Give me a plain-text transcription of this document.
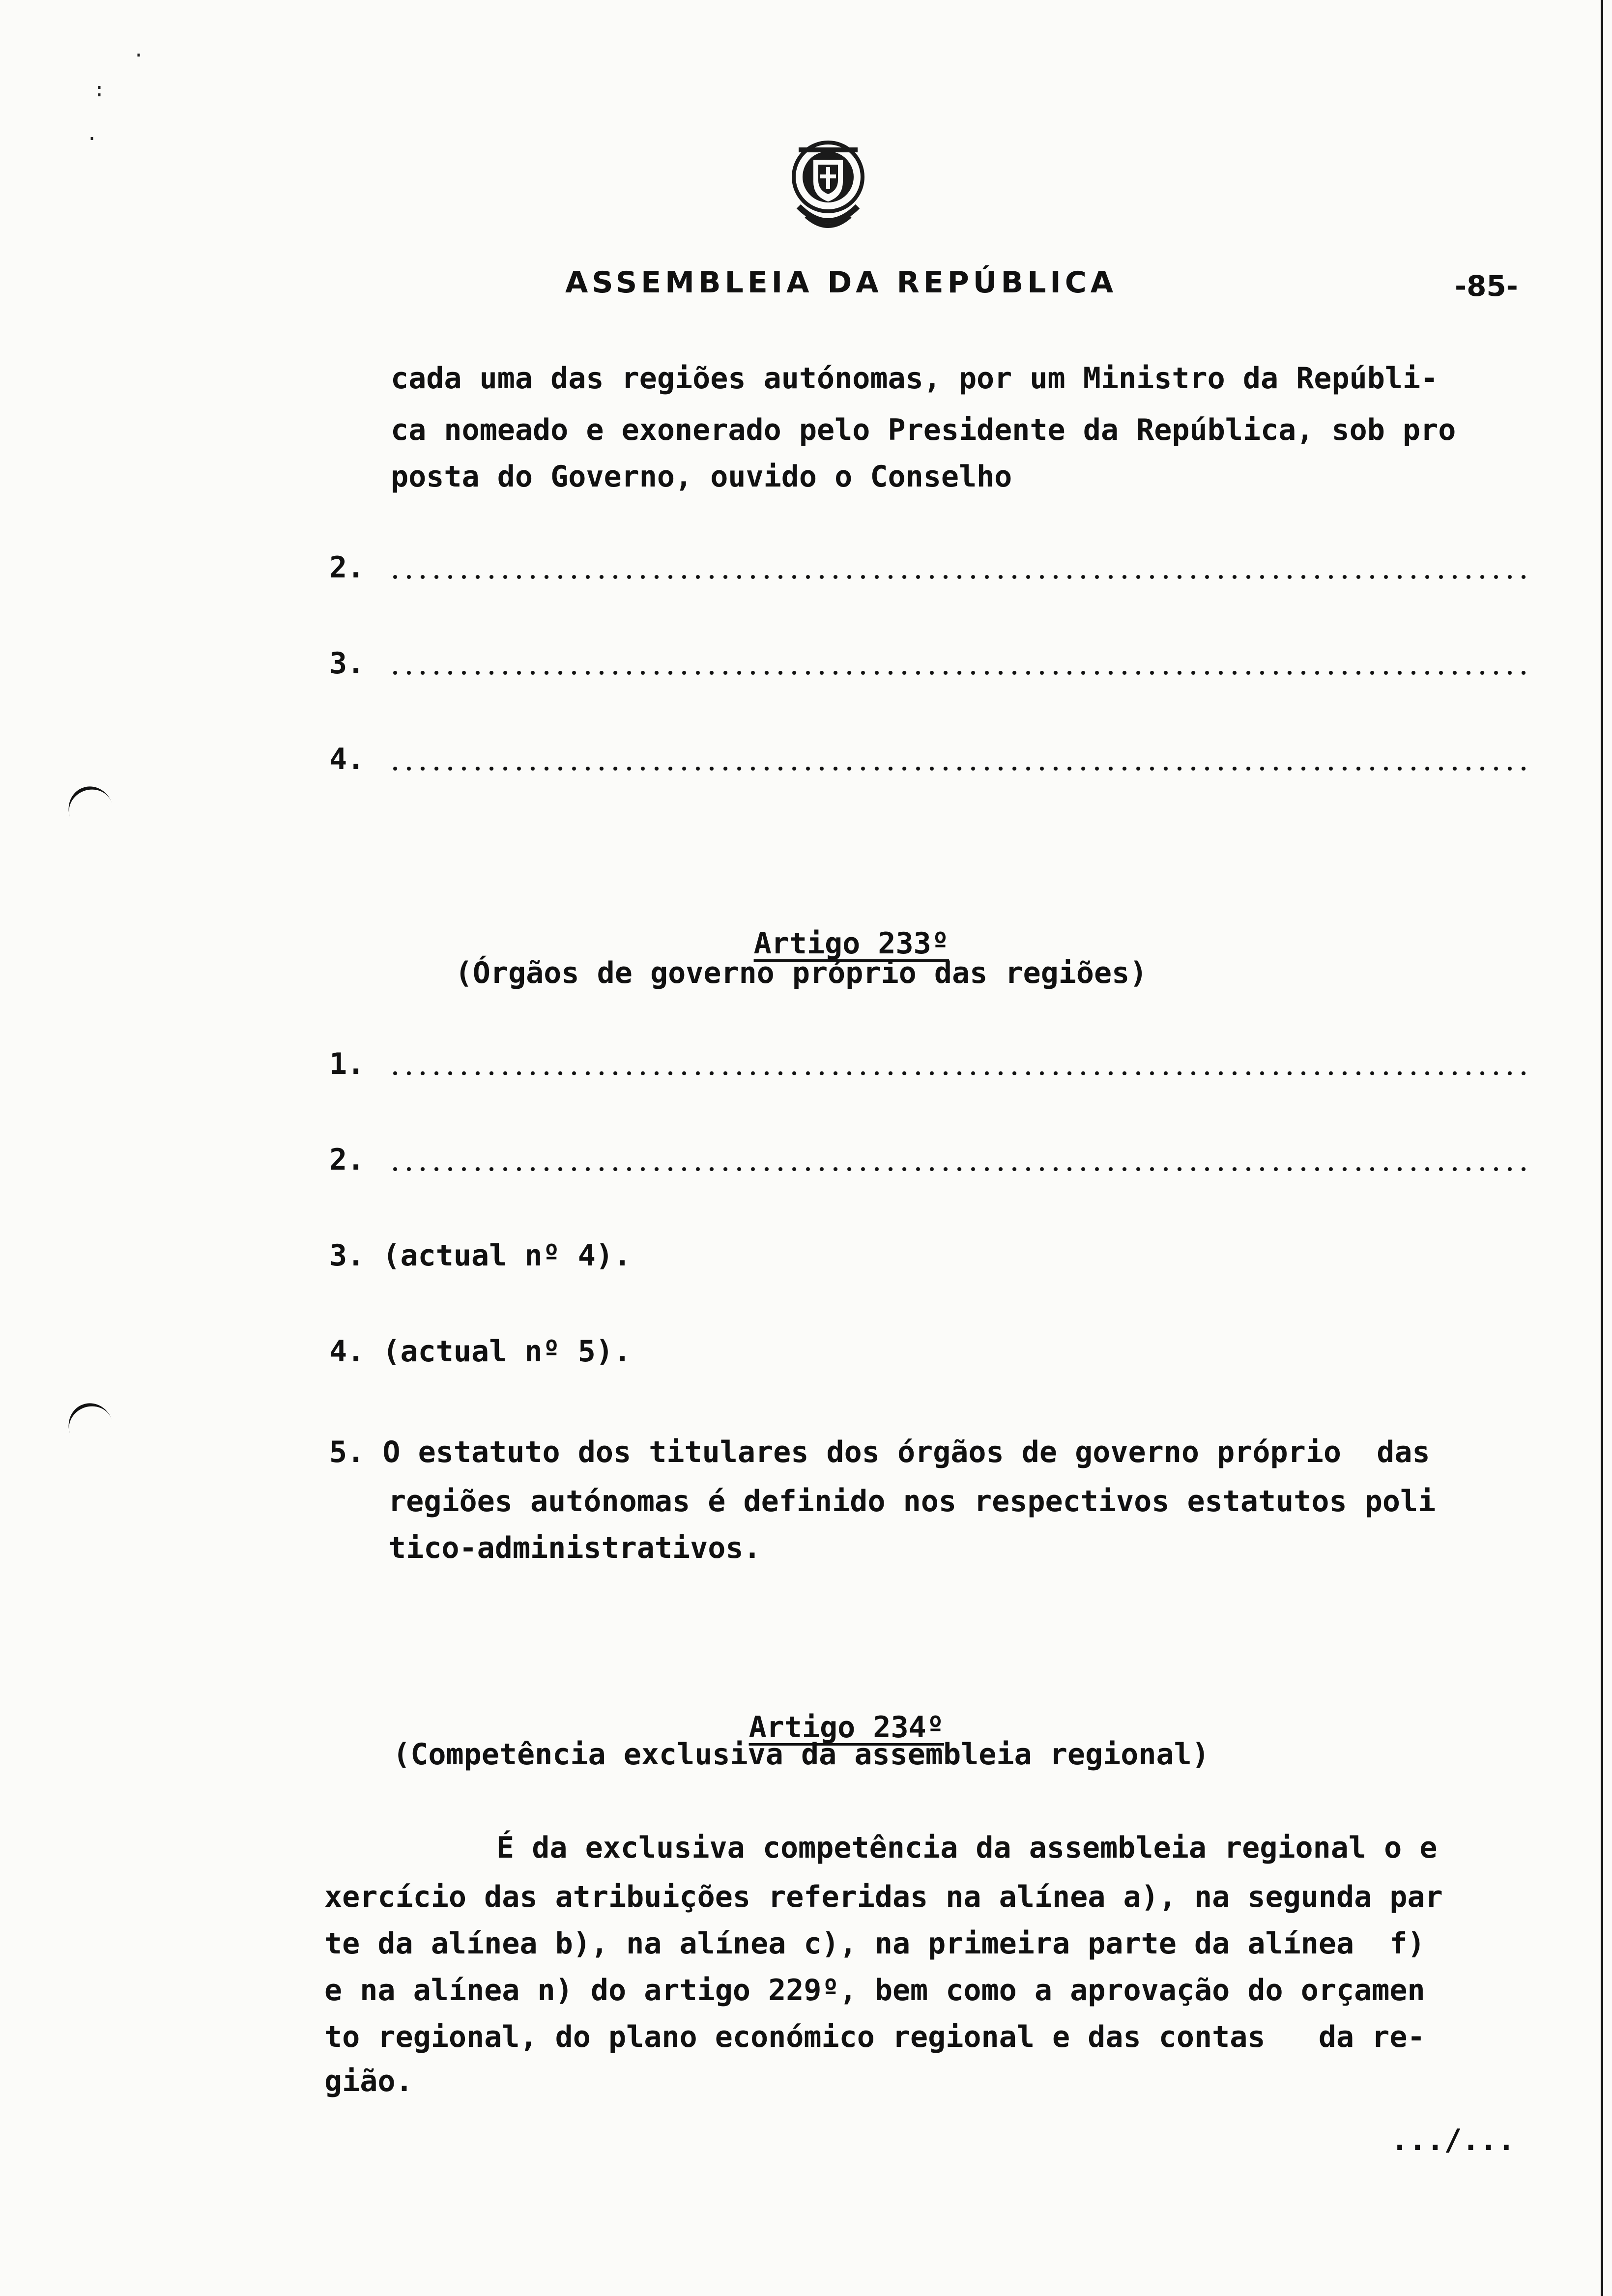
·
:
·
ASSEMBLEIA DA REPÚBLICA	-85-
cada uma das regiões autónomas, por um Ministro da Repúbli-
ca nomeado e exonerado pelo Presidente da República, sob pro
posta do Governo, ouvido o Conselho
2.
3.
4.

Artigo 233º

(Órgãos de governo próprio das regiões)
1.
2.
3. (actual nº 4).
4. (actual nº 5).
5. O estatuto dos titulares dos órgãos de governo próprio  das
regiões autónomas é definido nos respectivos estatutos poli
tico-administrativos.

Artigo 234º

(Competência exclusiva da assembleia regional)
É da exclusiva competência da assembleia regional o e
xercício das atribuições referidas na alínea a), na segunda par
te da alínea b), na alínea c), na primeira parte da alínea  f)
e na alínea n) do artigo 229º, bem como a aprovação do orçamen
to regional, do plano económico regional e das contas   da re-
gião.
.../...
